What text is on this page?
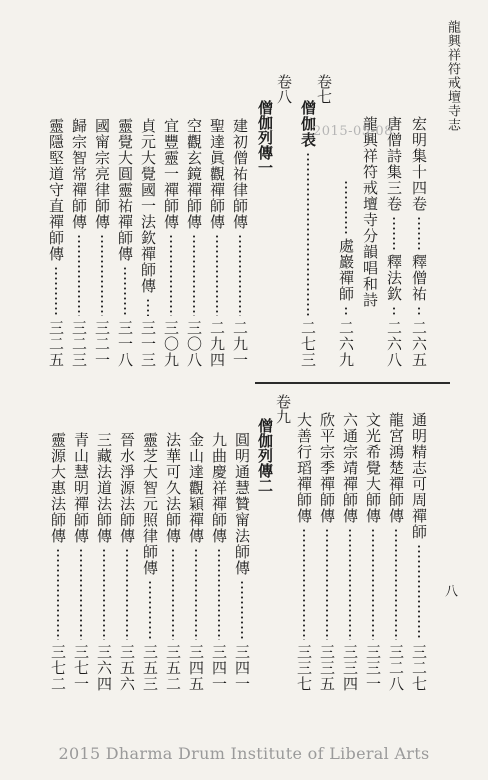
龍興祥符戒壇寺志
八
宏明集十四卷
釋僧祐
二六五
唐僧詩集三卷
釋法欽
二六八
龍興祥符戒壇寺分韻唱和詩
處巖禪師
二六九
卷七
僧伽表
二七三
卷八
僧伽列傳一
建初僧祐律師傳
二九一
聖達眞觀禪師傳
二九四
空觀玄鏡禪師傳
三〇八
宜豐靈一禪師傳
三〇九
貞元大覺國一法欽禪師傳
三一三
靈覺大圓靈祐禪師傳
三一八
國甯宗亮律師傳
三二一
歸宗智常禪師傳
三二三
靈隱堅道守直禪師傳
三二五
通明精志可周禪師
三二七
龍宮鴻楚禪師傳
三二八
文光希覺大師傳
三三一
六通宗靖禪師傳
三三四
欣平宗季禪師傳
三三五
大善行瑫禪師傳
三三七
卷九
僧伽列傳二
圓明通慧贊甯法師傳
三四一
九曲慶祥禪師傳
三四一
金山達觀穎禪傳
三四五
法華可久法師傳
三五二
靈芝大智元照律師傳
三五三
晉水淨源法師傳
三五六
三藏法道法師傳
三六四
青山慧明禪師傳
三七一
靈源大惠法師傳
三七二
2015-05-08
2015 Dharma Drum Institute of Liberal Arts
